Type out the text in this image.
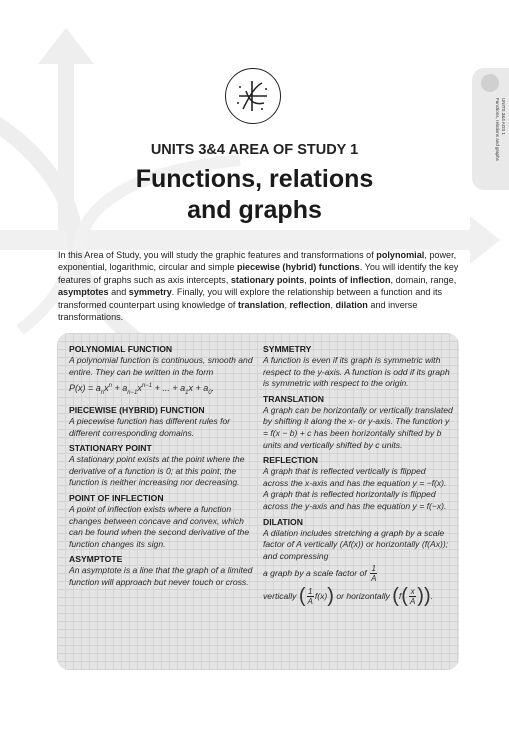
UNITS 3&4 AOS 1
Functions, relations and graphs
UNITS 3&4 AREA OF STUDY 1
Functions, relations
and graphs
In this Area of Study, you will study the graphic features and transformations of polynomial, power, exponential, logarithmic, circular and simple piecewise (hybrid) functions. You will identify the key features of graphs such as axis intercepts, stationary points, points of inflection, domain, range, asymptotes and symmetry. Finally, you will explore the relationship between a function and its transformed counterpart using knowledge of translation, reflection, dilation and inverse transformations.
POLYNOMIAL FUNCTION

A polynomial function is continuous, smooth and entire. They can be written in the form

$P(x) = a_nx^n + a_{n-1}x^{n-1}$ + ... + $a_1x + a_0$.
PIECEWISE (HYBRID) FUNCTION

A piecewise function has different rules for different corresponding domains.

STATIONARY POINT

A stationary point exists at the point where the derivative of a function is 0; at this point, the function is neither increasing nor decreasing.

POINT OF INFLECTION

A point of inflection exists where a function changes between concave and convex, which can be found when the second derivative of the function changes its sign.

ASYMPTOTE

An asymptote is a line that the graph of a limited function will approach but never touch or cross.

SYMMETRY

A function is even if its graph is symmetric with respect to the y-axis. A function is odd if its graph is symmetric with respect to the origin.

TRANSLATION

A graph can be horizontally or vertically translated by shifting it along the x- or y-axis. The function y = f(x − b) + c has been horizontally shifted by b units and vertically shifted by c units.

REFLECTION

A graph that is reflected vertically is flipped across the x-axis and has the equation y = −f(x). A graph that is reflected horizontally is flipped across the y-axis and has the equation y = f(−x).

DILATION

A dilation includes stretching a graph by a scale factor of A vertically (Af(x)) or horizontally (f(Ax)); and compressing

a graph by a scale factor of $\frac{1}{A}$
vertically ( $\frac{1}{A} f(x)$) or horizontally ($f( \frac{x}{A}$ )).
